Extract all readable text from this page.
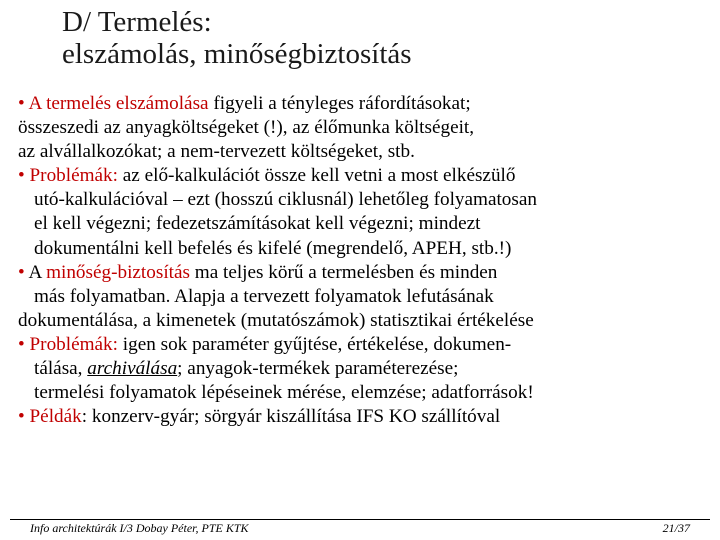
D/ Termelés:
elszámolás, minőségbiztosítás
• A termelés elszámolása figyeli a tényleges ráfordításokat;
összeszedi az anyagköltségeket (!), az élőmunka költségeit,
az alvállalkozókat; a nem-tervezett költségeket, stb.
• Problémák: az elő-kalkulációt össze kell vetni a most elkészülő
utó-kalkulációval – ezt (hosszú ciklusnál) lehetőleg folyamatosan
el kell végezni; fedezetszámításokat kell végezni; mindezt
dokumentálni kell befelés és kifelé (megrendelő, APEH, stb.!)
• A minőség-biztosítás ma teljes körű a termelésben és minden
más folyamatban. Alapja a tervezett folyamatok lefutásának
dokumentálása, a kimenetek (mutatószámok) statisztikai értékelése
• Problémák: igen sok paraméter gyűjtése, értékelése, dokumen-
tálása, archiválása; anyagok-termékek paraméterezése;
termelési folyamatok lépéseinek mérése, elemzése; adatforrások!
• Példák: konzerv-gyár; sörgyár kiszállítása IFS KO szállítóval
Info architektúrák I/3 Dobay Péter, PTE KTK	21/37
